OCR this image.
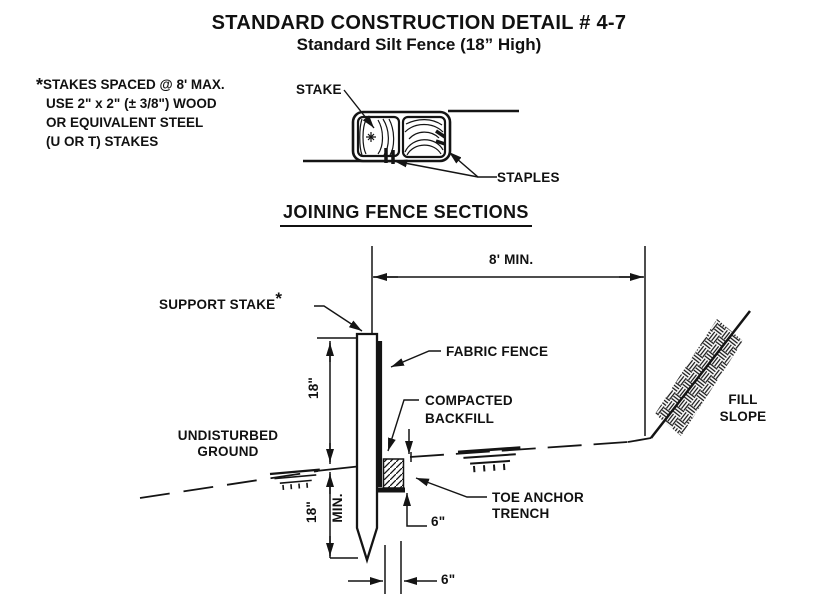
STANDARD CONSTRUCTION DETAIL # 4-7
Standard Silt Fence (18” High)
*STAKES SPACED @ 8' MAX.
USE 2" x 2" (± 3/8") WOOD
OR EQUIVALENT STEEL
(U OR T) STAKES
STAKE
STAPLES
JOINING FENCE SECTIONS
8' MIN.
SUPPORT STAKE*
FABRIC FENCE
COMPACTED
BACKFILL
UNDISTURBED
GROUND
TOE ANCHOR
TRENCH
FILL
SLOPE
18"
18" MIN.	6"
6"
